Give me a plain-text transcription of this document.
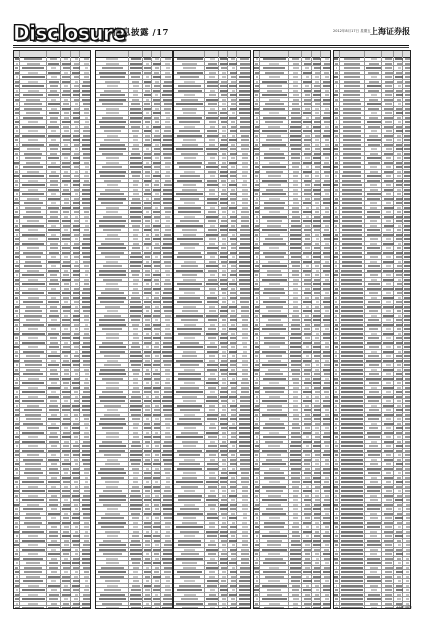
Disclosure
信息披露 /17	2012年8月17日 星期五 上海证券报
(下转18版)
